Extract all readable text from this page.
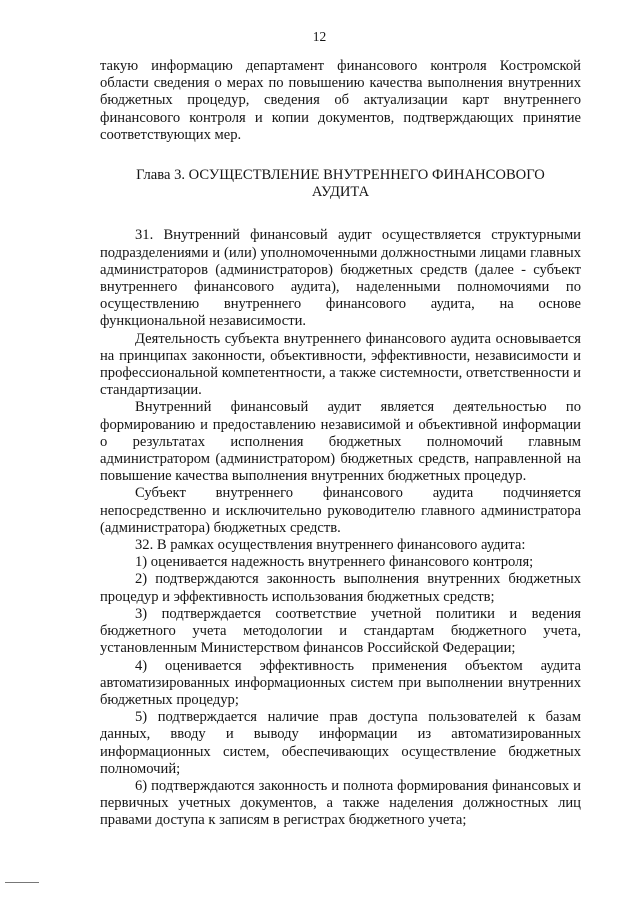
12

такую информацию департамент финансового контроля Костромской области сведения о мерах по повышению качества выполнения внутренних бюджетных процедур, сведения об актуализации карт внутреннего финансового контроля и копии документов, подтверждающих принятие соответствующих мер.

Глава 3. ОСУЩЕСТВЛЕНИЕ ВНУТРЕННЕГО ФИНАНСОВОГО АУДИТА

31. Внутренний финансовый аудит осуществляется структурными подразделениями и (или) уполномоченными должностными лицами главных администраторов (администраторов) бюджетных средств (далее - субъект внутреннего финансового аудита), наделенными полномочиями по осуществлению внутреннего финансового аудита, на основе функциональной независимости.

Деятельность субъекта внутреннего финансового аудита основывается на принципах законности, объективности, эффективности, независимости и профессиональной компетентности, а также системности, ответственности и стандартизации.

Внутренний финансовый аудит является деятельностью по формированию и предоставлению независимой и объективной информации о результатах исполнения бюджетных полномочий главным администратором (администратором) бюджетных средств, направленной на повышение качества выполнения внутренних бюджетных процедур.

Субъект внутреннего финансового аудита подчиняется непосредственно и исключительно руководителю главного администратора (администратора) бюджетных средств.

32. В рамках осуществления внутреннего финансового аудита:

1) оценивается надежность внутреннего финансового контроля;

2) подтверждаются законность выполнения внутренних бюджетных процедур и эффективность использования бюджетных средств;

3) подтверждается соответствие учетной политики и ведения бюджетного учета методологии и стандартам бюджетного учета, установленным Министерством финансов Российской Федерации;

4) оценивается эффективность применения объектом аудита автоматизированных информационных систем при выполнении внутренних бюджетных процедур;

5) подтверждается наличие прав доступа пользователей к базам данных, вводу и выводу информации из автоматизированных информационных систем, обеспечивающих осуществление бюджетных полномочий;

6) подтверждаются законность и полнота формирования финансовых и первичных учетных документов, а также наделения должностных лиц правами доступа к записям в регистрах бюджетного учета;
